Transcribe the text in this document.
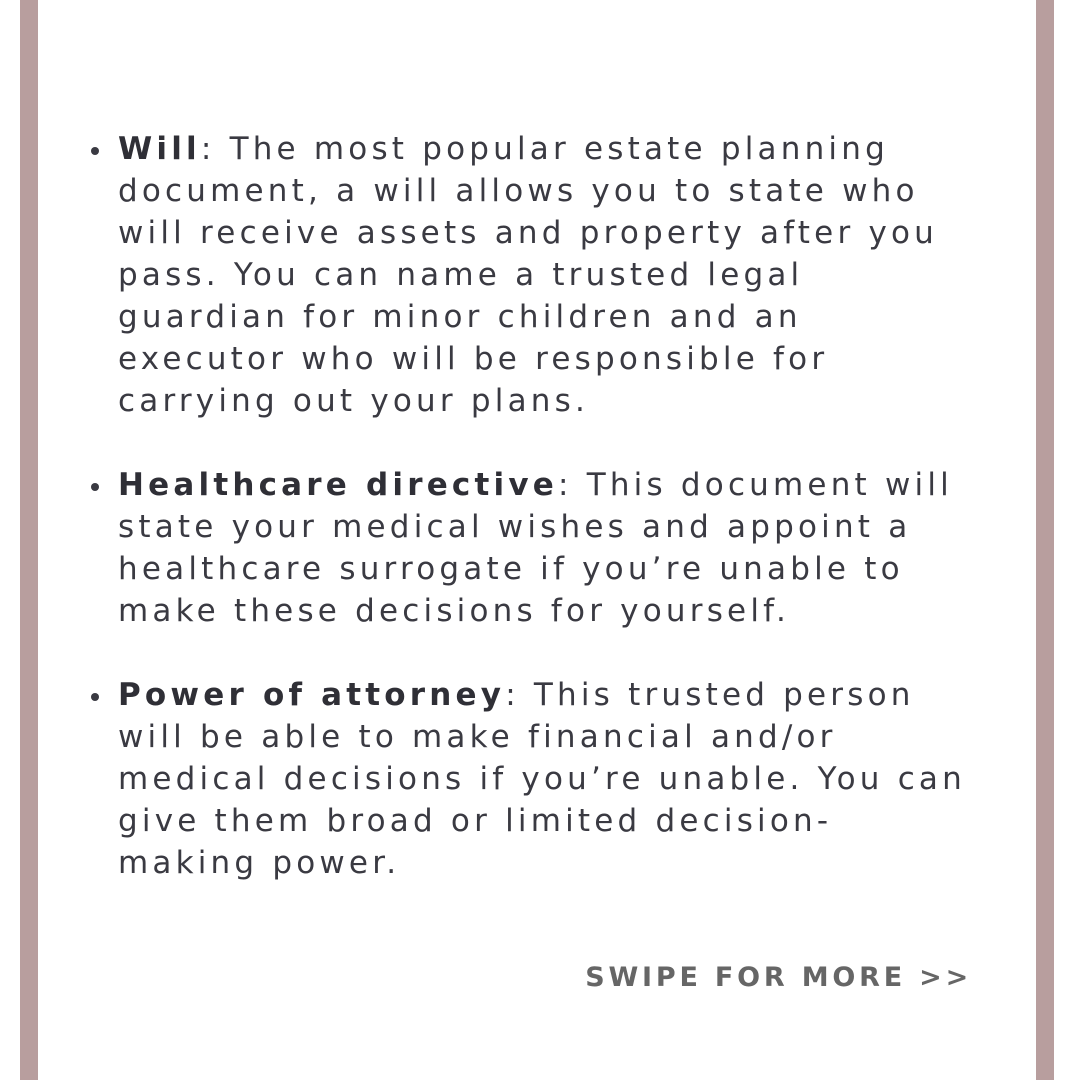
Will: The most popular estate planning document, a will allows you to state who will receive assets and property after you pass. You can name a trusted legal guardian for minor children and an executor who will be responsible for carrying out your plans.
Healthcare directive: This document will state your medical wishes and appoint a healthcare surrogate if you’re unable to make these decisions for yourself.
Power of attorney: This trusted person will be able to make financial and/or medical decisions if you’re unable. You can give them broad or limited decision-making power.
SWIPE FOR MORE >>
